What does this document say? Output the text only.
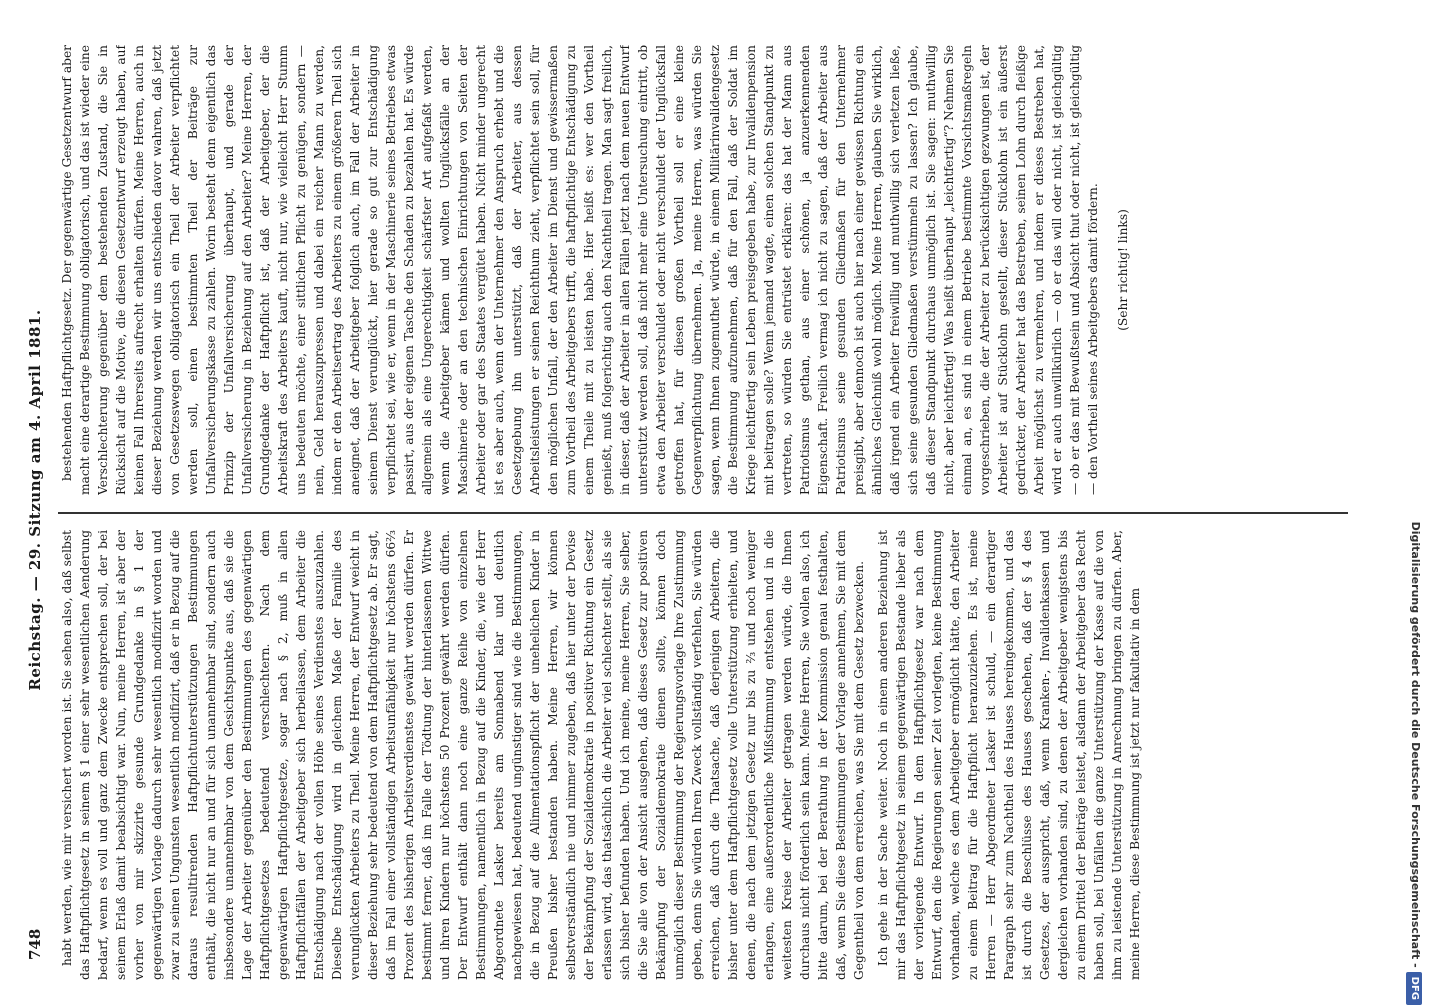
748
Reichstag. — 29. Sitzung am 4. April 1881.

habt werden, wie mir versichert worden ist. Sie sehen also, daß selbst das Haftpflichtgesetz in seinem § 1 einer sehr wesentlichen Aenderung bedarf, wenn es voll und ganz dem Zwecke entsprechen soll, der bei seinem Erlaß damit beabsichtigt war. Nun, meine Herren, ist aber der vorher von mir skizzirte gesunde Grundgedanke in § 1 der gegenwärtigen Vorlage dadurch sehr wesentlich modifizirt worden und zwar zu seinen Ungunsten wesentlich modifizirt, daß er in Bezug auf die daraus resultirenden Haftpflichtunterstützungen Bestimmungen enthält, die nicht nur an und für sich unannehmbar sind, sondern auch insbesondere unannehmbar von dem Gesichtspunkte aus, daß sie die Lage der Arbeiter gegenüber den Bestimmungen des gegenwärtigen Haftpflichtgesetzes bedeutend verschlechtern. Nach dem gegenwärtigen Haftpflichtgesetze, sogar nach § 2, muß in allen Haftpflichtfällen der Arbeitgeber sich herbeilassen, dem Arbeiter die Entschädigung nach der vollen Höhe seines Verdienstes auszuzahlen. Dieselbe Entschädigung wird in gleichem Maße der Familie des verunglückten Arbeiters zu Theil. Meine Herren, der Entwurf weicht in dieser Beziehung sehr bedeutend von dem Haftpflichtgesetz ab. Er sagt, daß im Fall einer vollständigen Arbeitsunfähigkeit nur höchstens 66⅔ Prozent des bisherigen Arbeitsverdienstes gewährt werden dürfen. Er bestimmt ferner, daß im Falle der Tödtung der hinterlassenen Wittwe und ihren Kindern nur höchstens 50 Prozent gewährt werden dürfen. Der Entwurf enthält dann noch eine ganze Reihe von einzelnen Bestimmungen, namentlich in Bezug auf die Kinder, die, wie der Herr Abgeordnete Lasker bereits am Sonnabend klar und deutlich nachgewiesen hat, bedeutend ungünstiger sind wie die Bestimmungen, die in Bezug auf die Alimentationspflicht der unehelichen Kinder in Preußen bisher bestanden haben. Meine Herren, wir können selbstverständlich nie und nimmer zugeben, daß hier unter der Devise der Bekämpfung der Sozialdemokratie in positiver Richtung ein Gesetz erlassen wird, das thatsächlich die Arbeiter viel schlechter stellt, als sie sich bisher befunden haben. Und ich meine, meine Herren, Sie selber, die Sie alle von der Ansicht ausgehen, daß dieses Gesetz zur positiven Bekämpfung der Sozialdemokratie dienen sollte, können doch unmöglich dieser Bestimmung der Regierungsvorlage Ihre Zustimmung geben, denn Sie würden Ihren Zweck vollständig verfehlen, Sie würden erreichen, daß durch die Thatsache, daß derjenigen Arbeitern, die bisher unter dem Haftpflichtgesetz volle Unterstützung erhielten, und denen, die nach dem jetzigen Gesetz nur bis zu ⅔ und noch weniger erlangen, eine außerordentliche Mißstimmung entstehen und in die weitesten Kreise der Arbeiter getragen werden würde, die Ihnen durchaus nicht förderlich sein kann. Meine Herren, Sie wollen also, ich bitte darum, bei der Berathung in der Kommission genau festhalten, daß, wenn Sie diese Bestimmungen der Vorlage annehmen, Sie mit dem Gegentheil von dem erreichen, was Sie mit dem Gesetz bezwecken. Ich gehe in der Sache weiter. Noch in einem anderen Beziehung ist mir das Haftpflichtgesetz in seinem gegenwärtigen Bestande lieber als der vorliegende Entwurf. In dem Haftpflichtgesetz war nach dem Entwurf, den die Regierungen seiner Zeit vorlegten, keine Bestimmung vorhanden, welche es dem Arbeitgeber ermöglicht hätte, den Arbeiter zu einem Beitrag für die Haftpflicht heranzuziehen. Es ist, meine Herren — Herr Abgeordneter Lasker ist schuld, — ein derartiger Paragraph sehr zum Nachtheil des Hauses hereingekommen, und das ist durch die Beschlüsse des Hauses geschehen, daß der § 4 des Gesetzes, der ausspricht, daß, wenn Kranken-, Invalidenkassen und dergleichen vorhanden sind, zu denen der Arbeitgeber wenigstens bis zu einem Drittel der Beiträge leistet, alsdann der Arbeitgeber das Recht haben soll, bei Unfällen die ganze Unterstützung der Kasse auf die von ihm zu leistende Unterstützung in Anrechnung bringen zu dürfen. Aber, meine Herren, diese Bestimmung ist jetzt nur fakultativ in dem

bestehenden Haftpflichtgesetz. Der gegenwärtige Gesetzentwurf aber macht eine derartige Bestimmung obligatorisch, und das ist wieder eine Verschlechterung gegenüber dem bestehenden Zustand, die Sie in Rücksicht auf die Motive, die diesen Gesetzentwurf erzeugt haben, auf keinen Fall Ihrerseits aufrecht erhalten dürfen. Meine Herren, auch in dieser Beziehung werden wir uns entschieden davor wahren, daß jetzt von Gesetzeswegen obligatorisch ein Theil der Arbeiter verpflichtet werden soll, einen bestimmten Theil der Beiträge zur Unfallversicherungskasse zu zahlen. Worin besteht denn eigentlich das Prinzip der Unfallversicherung überhaupt, und gerade der Unfallversicherung in Beziehung auf den Arbeiter? Meine Herren, der Grundgedanke der Haftpflicht ist, daß der Arbeitgeber, der die Arbeitskraft des Arbeiters kauft, nicht nur, wie vielleicht Herr Stumm uns bedeuten möchte, einer sittlichen Pflicht zu genügen, sondern — nein, Geld herauszupressen und dabei ein reicher Mann zu werden, indem er den Arbeitsertrag des Arbeiters zu einem größeren Theil sich aneignet, daß der Arbeitgeber folglich auch, im Fall der Arbeiter in seinem Dienst verunglückt, hier gerade so gut zur Entschädigung verpflichtet sei, wie er, wenn in der Maschinerie seines Betriebes etwas passirt, aus der eigenen Tasche den Schaden zu bezahlen hat. Es würde allgemein als eine Ungerechtigkeit schärfster Art aufgefaßt werden, wenn die Arbeitgeber kämen und wollten Unglücksfälle an der Maschinerie oder an den technischen Einrichtungen von Seiten der Arbeiter oder gar des Staates vergütet haben. Nicht minder ungerecht ist es aber auch, wenn der Unternehmer den Anspruch erhebt und die Gesetzgebung ihn unterstützt, daß der Arbeiter, aus dessen Arbeitsleistungen er seinen Reichthum zieht, verpflichtet sein soll, für den möglichen Unfall, der den Arbeiter im Dienst und gewissermaßen zum Vortheil des Arbeitgebers trifft, die haftpflichtige Entschädigung zu einem Theile mit zu leisten habe. Hier heißt es: wer den Vortheil genießt, muß folgerichtig auch den Nachtheil tragen. Man sagt freilich, in dieser, daß der Arbeiter in allen Fällen jetzt nach dem neuen Entwurf unterstützt werden soll, daß nicht mehr eine Untersuchung eintritt, ob etwa den Arbeiter verschuldet oder nicht verschuldet der Unglücksfall getroffen hat, für diesen großen Vortheil soll er eine kleine Gegenverpflichtung übernehmen. Ja, meine Herren, was würden Sie sagen, wenn Ihnen zugemuthet würde, in einem Militärinvalidengesetz die Bestimmung aufzunehmen, daß für den Fall, daß der Soldat im Kriege leichtfertig sein Leben preisgegeben habe, zur Invalidenpension mit beitragen solle? Wenn jemand wagte, einen solchen Standpunkt zu vertreten, so würden Sie entrüstet erklären: das hat der Mann aus Patriotismus gethan, aus einer schönen, ja anzuerkennenden Eigenschaft. Freilich vermag ich nicht zu sagen, daß der Arbeiter aus Patriotismus seine gesunden Gliedmaßen für den Unternehmer preisgibt, aber dennoch ist auch hier nach einer gewissen Richtung ein ähnliches Gleichniß wohl möglich. Meine Herren, glauben Sie wirklich, daß irgend ein Arbeiter freiwillig und muthwillig sich verletzen ließe, sich seine gesunden Gliedmaßen verstümmeln zu lassen? Ich glaube, daß dieser Standpunkt durchaus unmöglich ist. Sie sagen: muthwillig nicht, aber leichtfertig! Was heißt überhaupt „leichtfertig“? Nehmen Sie einmal an, es sind in einem Betriebe bestimmte Vorsichtsmaßregeln vorgeschrieben, die der Arbeiter zu berücksichtigen gezwungen ist, der Arbeiter ist auf Stücklohn gestellt, dieser Stücklohn ist ein äußerst gedrückter, der Arbeiter hat das Bestreben, seinen Lohn durch fleißige Arbeit möglichst zu vermehren, und indem er dieses Bestreben hat, wird er auch unwillkürlich — ob er das will oder nicht, ist gleichgültig — ob er das mit Bewußtsein und Absicht thut oder nicht, ist gleichgültig — den Vortheil seines Arbeitgebers damit fördern. (Sehr richtig! links)

Digitalisierung gefördert durch die Deutsche Forschungsgemeinschaft -DFG
